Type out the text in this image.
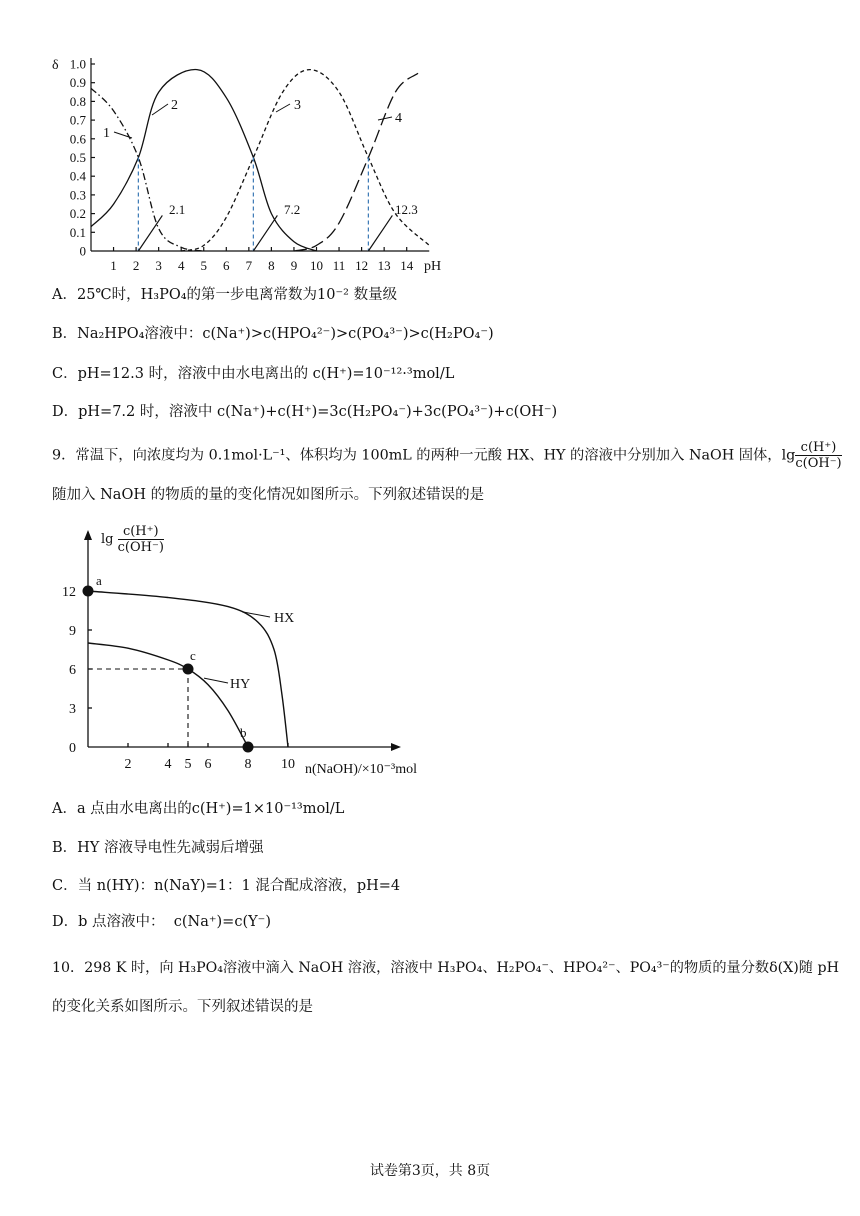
δ
pH
0
0.1
0.2
0.3
0.4
0.5
0.6
0.7
0.8
0.9
1.0
1 2 3 4 5 6 7 8 9 10 11 12 13 14
1
2	3
4
2.1	7.2	12.3
A．25℃时，H₃PO₄的第一步电离常数为10⁻² 数量级
B．Na₂HPO₄溶液中：c(Na⁺)>c(HPO₄²⁻)>c(PO₄³⁻)>c(H₂PO₄⁻)
C．pH=12.3 时，溶液中由水电离出的 c(H⁺)=10⁻¹²·³mol/L
D．pH=7.2 时，溶液中 c(Na⁺)+c(H⁺)=3c(H₂PO₄⁻)+3c(PO₄³⁻)+c(OH⁻)
9．常温下，向浓度均为 0.1mol·L⁻¹、体积均为 100mL 的两种一元酸 HX、HY 的溶液中分别加入 NaOH 固体，$\lg \frac{c(H^+)}{c(OH^-)}$
随加入 NaOH 的物质的量的变化情况如图所示。下列叙述错误的是
n(NaOH)/×10⁻³mol
0
3
6
9
12
2 4 5 6 8 10
HX
HY
a
b
c
$\lg \frac{c(H^+)}{c(OH^-)}$
A．a 点由水电离出的c(H⁺)=1×10⁻¹³mol/L
B．HY 溶液导电性先减弱后增强
C．当 n(HY)：n(NaY)=1：1 混合配成溶液，pH=4
D．b 点溶液中： c(Na⁺)=c(Y⁻)
10．298 K 时，向 H₃PO₄溶液中滴入 NaOH 溶液，溶液中 H₃PO₄、H₂PO₄⁻、HPO₄²⁻、PO₄³⁻的物质的量分数δ(X)随 pH
的变化关系如图所示。下列叙述错误的是
试卷第3页，共 8页
